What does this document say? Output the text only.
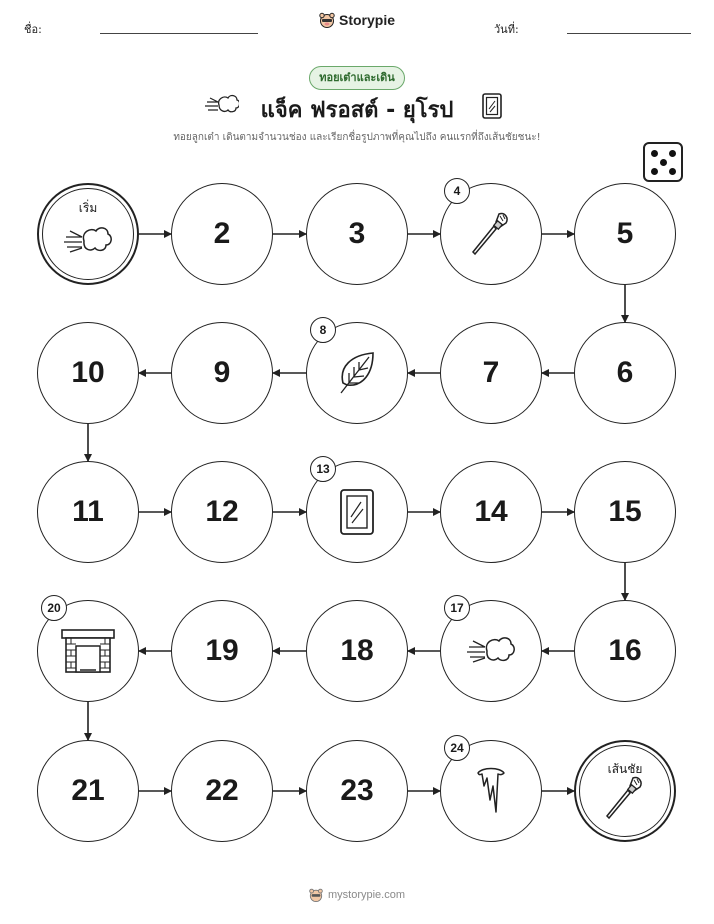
ชื่อ:
Storypie
วันที่:
ทอยเต๋าและเดิน
แจ็ค ฟรอสต์ - ยุโรป
ทอยลูกเต๋า เดินตามจำนวนช่อง และเรียกชื่อรูปภาพที่คุณไปถึง คนแรกที่ถึงเส้นชัยชนะ!
เริ่ม
2	3
4
5
10	9
8
7	6
11	12
13
14	15
20
19	18
17
16
21	22	23
24
เส้นชัย
mystorypie.com
